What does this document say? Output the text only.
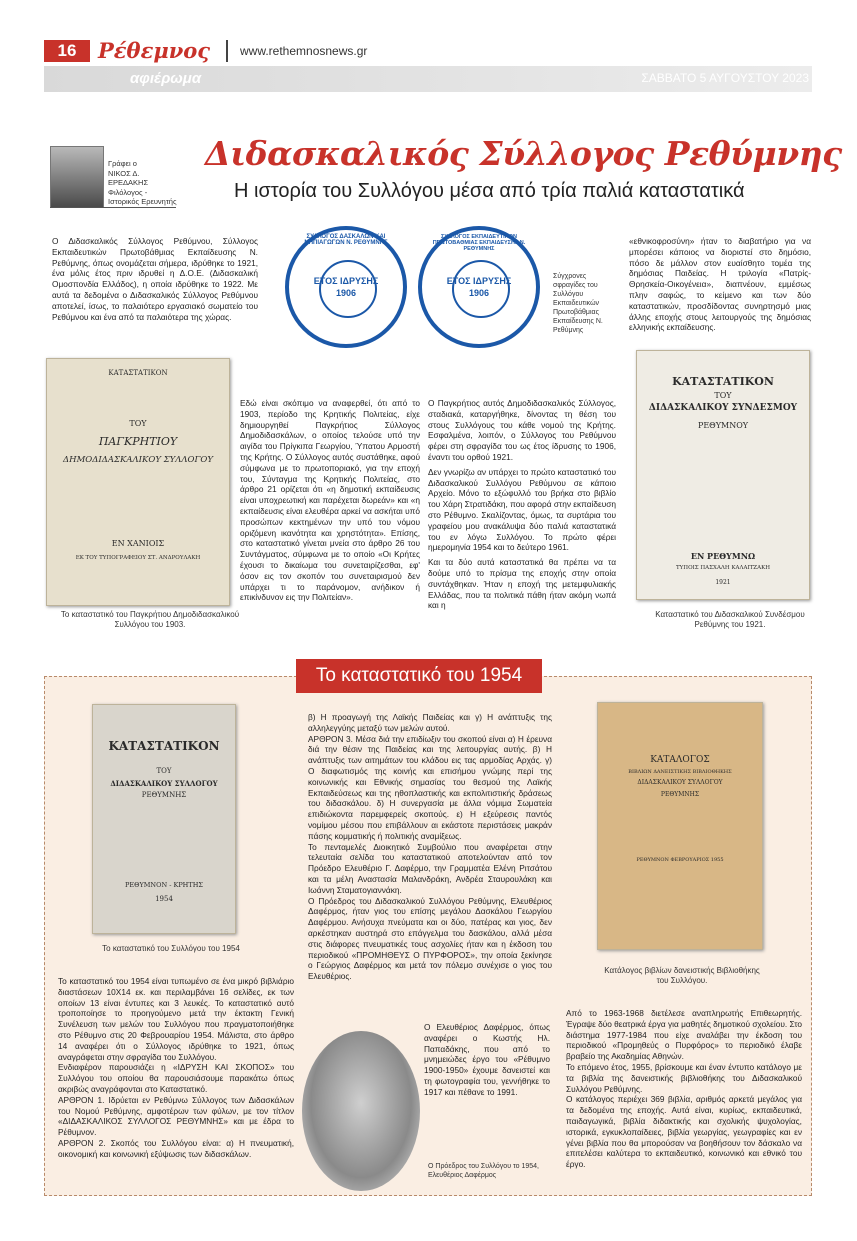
16	Ρέθεμνος www.rethemnosnews.gr
αφιέρωμα	ΣΑΒΒΑΤΟ 5 ΑΥΓΟΥΣΤΟΥ 2023
Γράφει ο
ΝΙΚΟΣ Δ. ΕΡΕΔΑΚΗΣ
Φιλόλογος - Ιστορικός Ερευνητής
Διδασκαλικός Σύλλογος Ρεθύμνης
Η ιστορία του Συλλόγου μέσα από τρία παλιά καταστατικά
Ο Διδασκαλικός Σύλλογος Ρεθύμνου, Σύλλογος Εκπαιδευτικών Πρωτοβάθμιας Εκπαίδευσης Ν. Ρεθύμνης, όπως ονομάζεται σήμερα, ιδρύθηκε το 1921, ένα μόλις έτος πριν ιδρυθεί η Δ.Ο.Ε. (Διδασκαλική Ομοσπονδία Ελλάδος), η οποία ιδρύθηκε το 1922. Με αυτά τα δεδομένα ο Διδασκαλικός Σύλλογος Ρεθύμνου αποτελεί, ίσως, το παλαιότερο εργασιακό σωματείο του Ρεθύμνου και ένα από τα παλαιότερα της χώρας.
ΣΥΛΛΟΓΟΣ ΔΑΣΚΑΛΩΝ ΚΑΙ ΝΗΠΙΑΓΩΓΩΝ Ν. ΡΕΘΥΜΝΗΣ
ΕΤΟΣ ΙΔΡΥΣΗΣ
1906
ΣΥΛΛΟΓΟΣ ΕΚΠΑΙΔΕΥΤΙΚΩΝ ΠΡΩΤΟΒΑΘΜΙΑΣ ΕΚΠΑΙΔΕΥΣΗΣ Ν. ΡΕΘΥΜΝΗΣ
ΕΤΟΣ ΙΔΡΥΣΗΣ
1906
Σύγχρονες σφραγίδες του Συλλόγου Εκπαιδευτικών Πρωτοβάθμιας Εκπαίδευσης Ν. Ρεθύμνης
ΚΑΤΑΣΤΑΤΙΚΟΝ
ΤΟΥ
ΠΑΓΚΡΗΤΙΟΥ
ΔΗΜΟΔΙΔΑΣΚΑΛΙΚΟΥ ΣΥΛΛΟΓΟΥ
ΕΝ ΧΑΝΙΟΙΣ
ΕΚ ΤΟΥ ΤΥΠΟΓΡΑΦΕΙΟΥ ΣΤ. ΑΝΔΡΟΥΛΑΚΗ
Το καταστατικό του Παγκρήτιου Δημοδιδασκαλικού Συλλόγου του 1903.
Εδώ είναι σκόπιμο να αναφερθεί, ότι από το 1903, περίοδο της Κρητικής Πολιτείας, είχε δημιουργηθεί Παγκρήτιος Σύλλογος Δημοδιδασκάλων, ο οποίος τελούσε υπό την αιγίδα του Πρίγκιπα Γεωργίου, Ύπατου Αρμοστή της Κρήτης. Ο Σύλλογος αυτός συστάθηκε, αφού σύμφωνα με το πρωτοποριακό, για την εποχή του, Σύνταγμα της Κρητικής Πολιτείας, στο άρθρο 21 ορίζεται ότι «η δημοτική εκπαίδευσις είναι υποχρεωτική και παρέχεται δωρεάν» και «η εκπαίδευσις είναι ελευθέρα αρκεί να ασκήται υπό προσώπων κεκτημένων την υπό του νόμου οριζόμενη ικανότητα και χρηστότητα». Επίσης, στο καταστατικό γίνεται μνεία στο άρθρο 26 του Συντάγματος, σύμφωνα με το οποίο «Οι Κρήτες έχουσι το δικαίωμα του συνεταιρίζεσθαι, εφ' όσον εις τον σκοπόν του συνεταιρισμού δεν υπάρχει τι το παράνομον, ανήδικον ή επικίνδυνον εις την Πολιτείαν».
Ο Παγκρήτιος αυτός Δημοδιδασκαλικός Σύλλογος, σταδιακά, καταργήθηκε, δίνοντας τη θέση του στους Συλλόγους του κάθε νομού της Κρήτης. Εσφαλμένα, λοιπόν, ο Σύλλογος του Ρεθύμνου φέρει στη σφραγίδα του ως έτος ίδρυσης το 1906, έναντι του ορθού 1921.
Δεν γνωρίζω αν υπάρχει το πρώτο καταστατικό του Διδασκαλικού Συλλόγου Ρεθύμνου σε κάποιο Αρχείο. Μόνο το εξώφυλλό του βρήκα στο βιβλίο του Χάρη Στρατιδάκη, που αφορά στην εκπαίδευση στο Ρέθυμνο. Σκαλίζοντας, όμως, τα συρτάρια του γραφείου μου ανακάλυψα δύο παλιά καταστατικά του εν λόγω Συλλόγου. Το πρώτο φέρει ημερομηνία 1954 και το δεύτερο 1961.
Και τα δύο αυτά καταστατικά θα πρέπει να τα δούμε υπό το πρίσμα της εποχής στην οποία συντάχθηκαν. Ήταν η εποχή της μετεμφυλιακής Ελλάδας, που τα πολιτικά πάθη ήταν ακόμη νωπά και η
«εθνικοφροσύνη» ήταν το διαβατήριο για να μπορέσει κάποιος να διοριστεί στο δημόσιο, πόσο δε μάλλον στον ευαίσθητο τομέα της δημόσιας Παιδείας. Η τριλογία «Πατρίς-Θρησκεία-Οικογένεια», διαπνέουν, εμμέσως πλην σαφώς, το κείμενο και των δύο καταστατικών, προσδίδοντας συνηρτησμό μιας άλλης εποχής στους λειτουργούς της δημόσιας ελληνικής εκπαίδευσης.
ΚΑΤΑΣΤΑΤΙΚΟΝ
ΤΟΥ
ΔΙΔΑΣΚΑΛΙΚΟΥ ΣΥΝΔΕΣΜΟΥ
ΡΕΘΥΜΝΟΥ
ΕΝ ΡΕΘΥΜΝΩ
ΤΥΠΟΙΣ ΠΑΣΧΑΛΗ ΚΑΛΑΙΤΖΑΚΗ
1921
Καταστατικό του Διδασκαλικού Συνδέσμου Ρεθύμνης του 1921.
Το καταστατικό του 1954
ΚΑΤΑΣΤΑΤΙΚΟΝ
ΤΟΥ
ΔΙΔΑΣΚΑΛΙΚΟΥ ΣΥΛΛΟΓΟΥ
ΡΕΘΥΜΝΗΣ
ΡΕΘΥΜΝΟΝ - ΚΡΗΤΗΣ
1954
Το καταστατικό του Συλλόγου του 1954
ΚΑΤΑΛΟΓΟΣ
ΒΙΒΛΙΩΝ ΔΑΝΕΙΣΤΙΚΗΣ ΒΙΒΛΙΟΘΗΚΗΣ
ΔΙΔΑΣΚΑΛΙΚΟΥ ΣΥΛΛΟΓΟΥ
ΡΕΘΥΜΝΗΣ
ΡΕΘΥΜΝΟΝ ΦΕΒΡΟΥΑΡΙΟΣ 1955
Κατάλογος βιβλίων δανειστικής Βιβλιοθήκης του Συλλόγου.
Το καταστατικό του 1954 είναι τυπωμένο σε ένα μικρό βιβλιάριο διαστάσεων 10Χ14 εκ. και περιλαμβάνει 16 σελίδες, εκ των οποίων 13 είναι έντυπες και 3 λευκές. Το καταστατικό αυτό τροποποίησε το προηγούμενο μετά την έκτακτη Γενική Συνέλευση των μελών του Συλλόγου που πραγματοποιήθηκε στο Ρέθυμνο στις 20 Φεβρουαρίου 1954. Μάλιστα, στο άρθρο 14 αναφέρει ότι ο Σύλλογος ιδρύθηκε το 1921, όπως αναγράφεται στην σφραγίδα του Συλλόγου.
Ενδιαφέρον παρουσιάζει η «ΙΔΡΥΣΗ ΚΑΙ ΣΚΟΠΟΣ» του Συλλόγου του οποίου θα παρουσιάσουμε παρακάτω όπως ακριβώς αναγράφονται στο Καταστατικό.
ΑΡΘΡΟΝ 1. Ιδρύεται εν Ρεθύμνω Σύλλογος των Διδασκάλων του Νομού Ρεθύμνης, αμφοτέρων των φύλων, με τον τίτλον «ΔΙΔΑΣΚΑΛΙΚΟΣ ΣΥΛΛΟΓΟΣ ΡΕΘΥΜΝΗΣ» και με έδρα το Ρέθυμνον.
ΑΡΘΡΟΝ 2. Σκοπός του Συλλόγου είναι: α) Η πνευματική, οικονομική και κοινωνική εξύψωσις των διδασκάλων.
β) Η προαγωγή της Λαϊκής Παιδείας και γ) Η ανάπτυξις της αλληλεγγύης μεταξύ των μελών αυτού.
ΑΡΘΡΟΝ 3. Μέσα διά την επιδίωξιν του σκοπού είναι α) Η έρευνα διά την θέσιν της Παιδείας και της λειτουργίας αυτής. β) Η ανάπτυξις των αιτημάτων του κλάδου εις τας αρμοδίας Αρχάς. γ) Ο διαφωτισμός της κοινής και επισήμου γνώμης περί της κοινωνικής και Εθνικής σημασίας του θεσμού της Λαϊκής Εκπαιδεύσεως και της ηθοπλαστικής και εκπολιτιστικής δράσεως του διδασκάλου. δ) Η συνεργασία με άλλα νόμιμα Σωματεία επιδιώκοντα παρεμφερείς σκοπούς. ε) Η εξεύρεσις παντός νομίμου μέσου που επιβάλλουν αι εκάστοτε περιστάσεις μακράν πάσης κομματικής ή πολιτικής αναμίξεως.
Το πενταμελές Διοικητικό Συμβούλιο που αναφέρεται στην τελευταία σελίδα του καταστατικού αποτελούνταν από τον Πρόεδρο Ελευθέριο Γ. Δαφέρμο, την Γραμματέα Ελένη Ριτσάτου και τα μέλη Αναστασία Μαλανδράκη, Ανδρέα Σταυρουλάκη και Ιωάννη Σταματογιαννάκη.
Ο Πρόεδρος του Διδασκαλικού Συλλόγου Ρεθύμνης, Ελευθέριος Δαφέρμος, ήταν γιος του επίσης μεγάλου Δασκάλου Γεωργίου Δαφέρμου. Ανήσυχα πνεύματα και οι δύο, πατέρας και γιος, δεν αρκέστηκαν αυστηρά στο επάγγελμα του δασκάλου, αλλά μέσα στις διάφορες πνευματικές τους ασχολίες ήταν και η έκδοση του περιοδικού «ΠΡΟΜΗΘΕΥΣ Ο ΠΥΡΦΟΡΟΣ», την οποία ξεκίνησε ο Γεώργιος Δαφέρμος και μετά τον πόλεμο συνέχισε ο γιος του Ελευθέριος.
Ο Ελευθέριος Δαφέρμος, όπως αναφέρει ο Κωστής Ηλ. Παπαδάκης, που από το μνημειώδες έργο του «Ρέθυμνο 1900-1950» έχουμε δανειστεί και τη φωτογραφία του, γεννήθηκε το 1917 και πέθανε το 1991.
Ο Πρόεδρος του Συλλόγου το 1954, Ελευθέριος Δαφέρμος
Από το 1963-1968 διετέλεσε αναπληρωτής Επιθεωρητής. Έγραψε δύο θεατρικά έργα για μαθητές δημοτικού σχολείου. Στο διάστημα 1977-1984 που είχε αναλάβει την έκδοση του περιοδικού «Προμηθεύς ο Πυρφόρος» το περιοδικό έλαβε βραβείο της Ακαδημίας Αθηνών.
Το επόμενο έτος, 1955, βρίσκουμε και έναν έντυπο κατάλογο με τα βιβλία της δανειστικής βιβλιοθήκης του Διδασκαλικού Συλλόγου Ρεθύμνης.
Ο κατάλογος περιέχει 369 βιβλία, αριθμός αρκετά μεγάλος για τα δεδομένα της εποχής. Αυτά είναι, κυρίως, εκπαιδευτικά, παιδαγωγικά, βιβλία διδακτικής και σχολικής ψυχολογίας, ιστορικά, εγκυκλοπαίδειες, βιβλία γεωργίας, γεωγραφίες και εν γένει βιβλία που θα μπορούσαν να βοηθήσουν τον δάσκαλο να επιτελέσει καλύτερα το εκπαιδευτικό, κοινωνικό και εθνικό του έργο.
